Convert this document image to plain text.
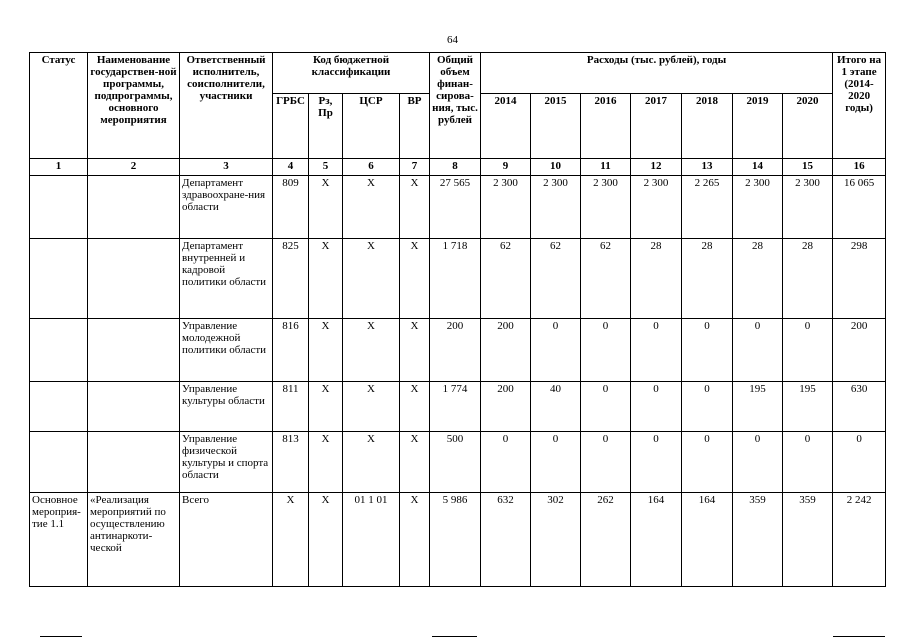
64
Статус	Наименование государствен-ной программы, подпрограммы, основного мероприятия	Ответственный исполнитель, соисполнители, участники	Код бюджетной классификации				Общий объем финан-сирова-ния, тыс. рублей	Расходы (тыс. рублей), годы							Итого на 1 этапе (2014-2020 годы)
			ГРБС	Рз, Пр	ЦСР	ВР		2014	2015	2016	2017	2018	2019	2020	
1	2	3	4	5	6	7	8	9	10	11	12	13	14	15	16
		Департамент здравоохране-ния области	809	Х	Х	Х	27 565	2 300	2 300	2 300	2 300	2 265	2 300	2 300	16 065
		Департамент внутренней и кадровой политики области	825	Х	Х	Х	1 718	62	62	62	28	28	28	28	298
		Управление молодежной политики области	816	Х	Х	Х	200	200	0	0	0	0	0	0	200
		Управление культуры области	811	Х	Х	Х	1 774	200	40	0	0	0	195	195	630
		Управление физической культуры и спорта области	813	Х	Х	Х	500	0	0	0	0	0	0	0	0
Основное мероприя-тие 1.1	«Реализация мероприятий по осуществлению антинаркоти-ческой	Всего	Х	Х	01 1 01	Х	5 986	632	302	262	164	164	359	359	2 242
